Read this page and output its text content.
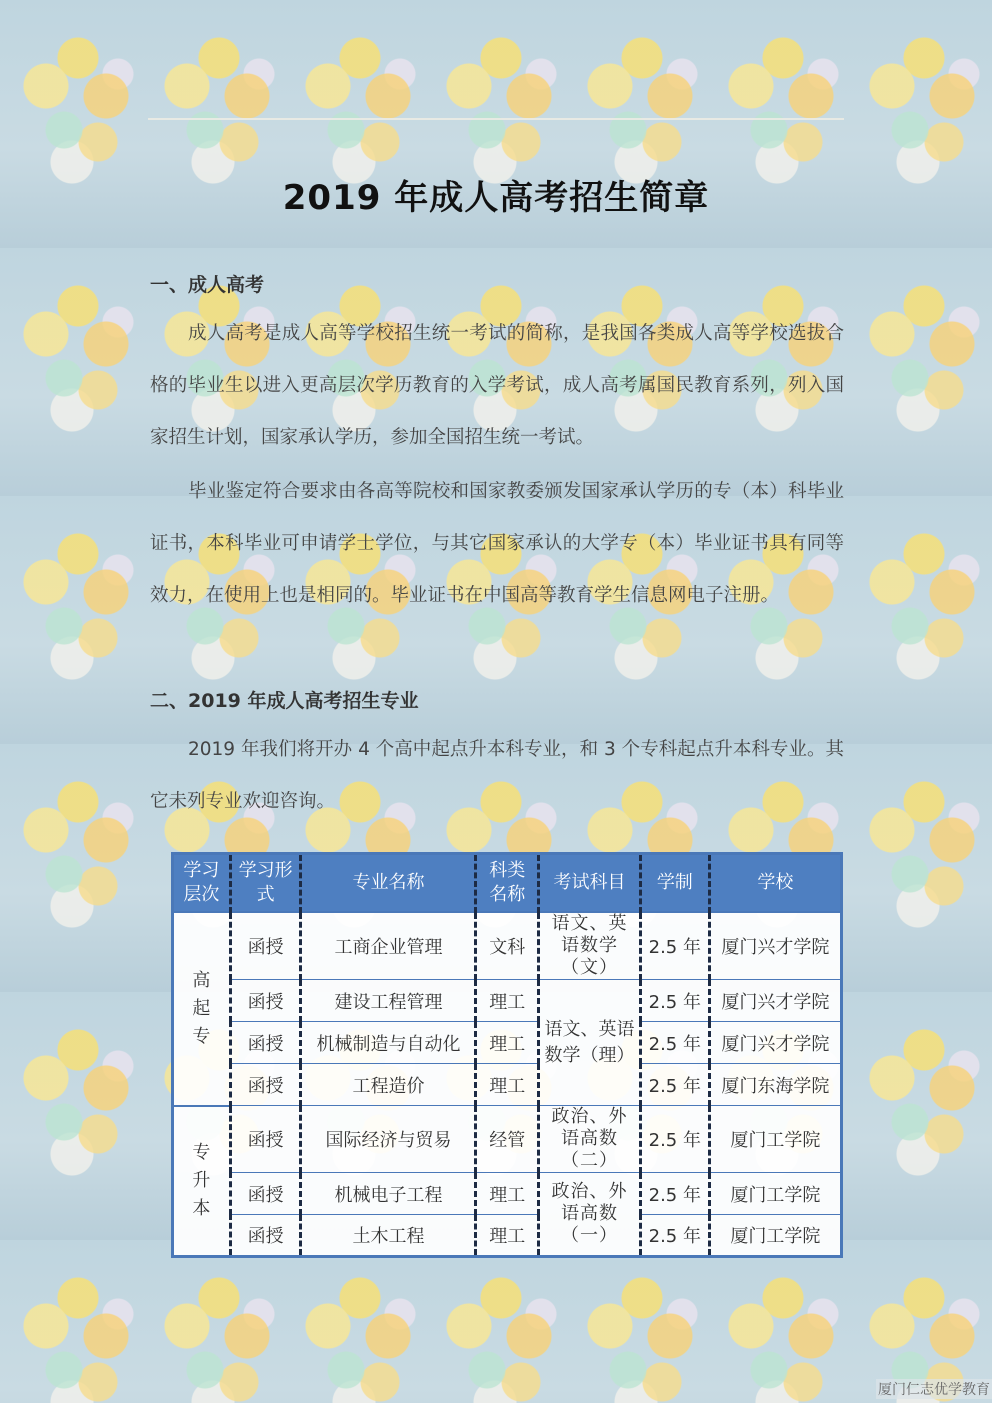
2019 年成人高考招生简章
一、成人高考

成人高考是成人高等学校招生统一考试的简称，是我国各类成人高等学校选拔合格的毕业生以进入更高层次学历教育的入学考试，成人高考属国民教育系列，列入国家招生计划，国家承认学历，参加全国招生统一考试。

毕业鉴定符合要求由各高等院校和国家教委颁发国家承认学历的专（本）科毕业证书，本科毕业可申请学士学位，与其它国家承认的大学专（本）毕业证书具有同等效力，在使用上也是相同的。毕业证书在中国高等教育学生信息网电子注册。

二、2019 年成人高考招生专业

2019 年我们将开办 4 个高中起点升本科专业，和 3 个专科起点升本科专业。其它未列专业欢迎咨询。

学习层次	学习形式	专业名称	科类名称	考试科目	学制	学校
高起专	函授	工商企业管理	文科	语文、英语数学（文）	2.5 年	厦门兴才学院
	函授	建设工程管理	理工	语文、英语数学（理）	2.5 年	厦门兴才学院
	函授	机械制造与自动化	理工		2.5 年	厦门兴才学院
	函授	工程造价	理工		2.5 年	厦门东海学院
专升本	函授	国际经济与贸易	经管	政治、外语高数（二）	2.5 年	厦门工学院
	函授	机械电子工程	理工	政治、外语高数（一）	2.5 年	厦门工学院
	函授	土木工程	理工		2.5 年	厦门工学院
厦门仁志优学教育
